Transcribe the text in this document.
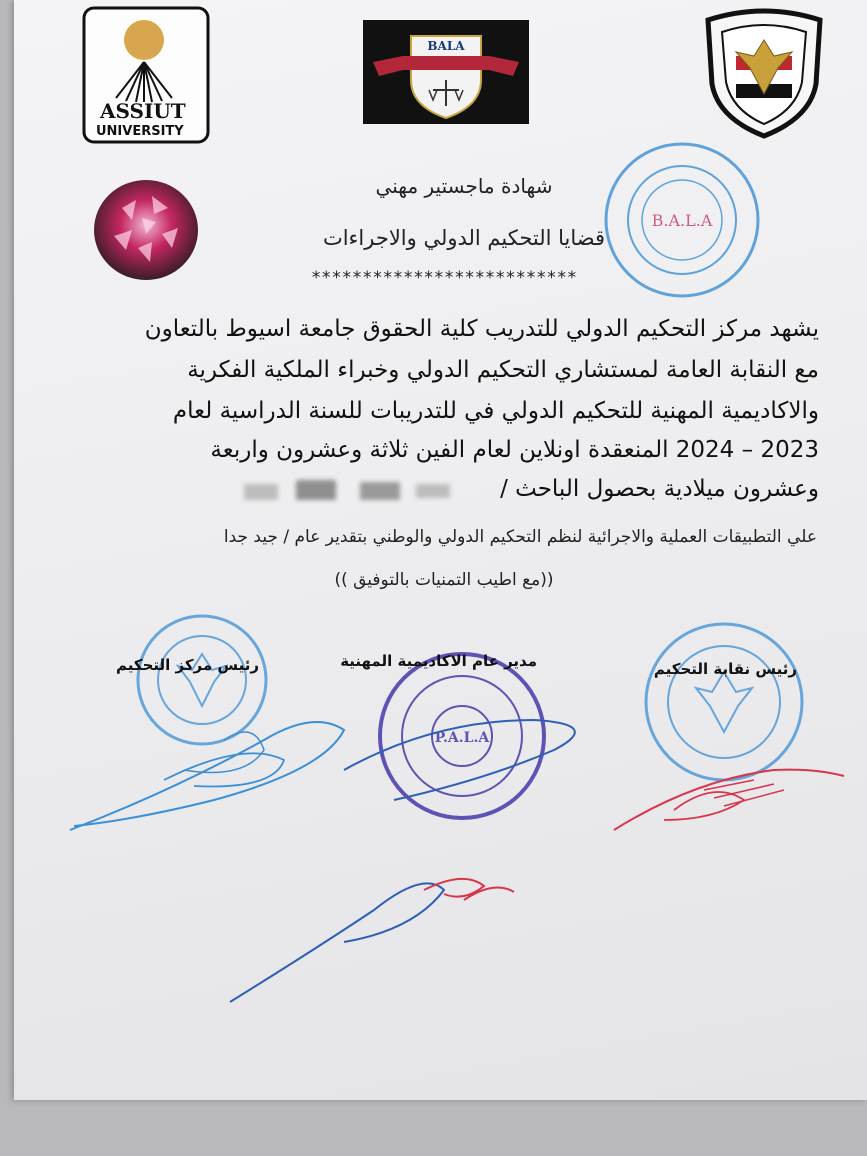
ASSIUT
UNIVERSITY
BALA
B.A.L.A
شهادة ماجستير مهني
قضايا التحكيم الدولي والاجراءات
**************************
يشهد مركز التحكيم الدولي للتدريب كلية الحقوق جامعة اسيوط بالتعاون
مع النقابة العامة لمستشاري التحكيم الدولي وخبراء الملكية الفكرية
والاكاديمية المهنية للتحكيم الدولي في للتدريبات للسنة الدراسية لعام
2023 – 2024 المنعقدة اونلاين لعام الفين ثلاثة وعشرون واربعة
وعشرون ميلادية بحصول الباحث /
علي التطبيقات العملية والاجرائية لنظم التحكيم الدولي والوطني بتقدير عام / جيد جدا
((مع اطيب التمنيات بالتوفيق ))
P.A.L.A
رئيس نقابة التحكيم
مدير عام الاكاديمية المهنية
رئيس مركز التحكيم
